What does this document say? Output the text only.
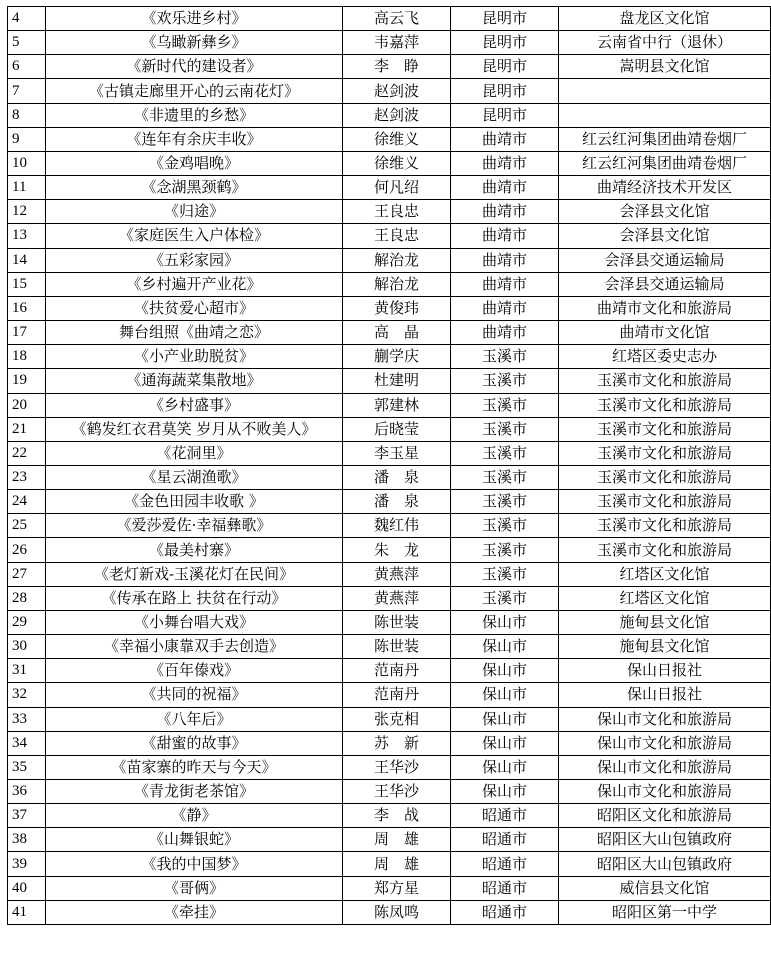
4	《欢乐进乡村》	高云飞	昆明市	盘龙区文化馆
5	《乌瞰新彝乡》	韦嘉萍	昆明市	云南省中行（退休）
6	《新时代的建设者》	李　睁	昆明市	嵩明县文化馆
7	《古镇走廊里开心的云南花灯》	赵剑波	昆明市	
8	《非遗里的乡愁》	赵剑波	昆明市	
9	《连年有余庆丰收》	徐维义	曲靖市	红云红河集团曲靖卷烟厂
10	《金鸡唱晚》	徐维义	曲靖市	红云红河集团曲靖卷烟厂
11	《念湖黑颈鹤》	何凡绍	曲靖市	曲靖经济技术开发区
12	《归途》	王良忠	曲靖市	会泽县文化馆
13	《家庭医生入户体检》	王良忠	曲靖市	会泽县文化馆
14	《五彩家园》	解治龙	曲靖市	会泽县交通运输局
15	《乡村遍开产业花》	解治龙	曲靖市	会泽县交通运输局
16	《扶贫爱心超市》	黄俊玮	曲靖市	曲靖市文化和旅游局
17	舞台组照《曲靖之恋》	高　晶	曲靖市	曲靖市文化馆
18	《小产业助脱贫》	蒯学庆	玉溪市	红塔区委史志办
19	《通海蔬菜集散地》	杜建明	玉溪市	玉溪市文化和旅游局
20	《乡村盛事》	郭建林	玉溪市	玉溪市文化和旅游局
21	《鹤发红衣君莫笑 岁月从不败美人》	后晓莹	玉溪市	玉溪市文化和旅游局
22	《花洞里》	李玉星	玉溪市	玉溪市文化和旅游局
23	《星云湖渔歌》	潘　泉	玉溪市	玉溪市文化和旅游局
24	《金色田园丰收歌 》	潘　泉	玉溪市	玉溪市文化和旅游局
25	《爱莎爱佐·幸福彝歌》	魏红伟	玉溪市	玉溪市文化和旅游局
26	《最美村寨》	朱　龙	玉溪市	玉溪市文化和旅游局
27	《老灯新戏-玉溪花灯在民间》	黄燕萍	玉溪市	红塔区文化馆
28	《传承在路上 扶贫在行动》	黄燕萍	玉溪市	红塔区文化馆
29	《小舞台唱大戏》	陈世装	保山市	施甸县文化馆
30	《幸福小康靠双手去创造》	陈世装	保山市	施甸县文化馆
31	《百年傣戏》	范南丹	保山市	保山日报社
32	《共同的祝福》	范南丹	保山市	保山日报社
33	《八年后》	张克相	保山市	保山市文化和旅游局
34	《甜蜜的故事》	苏　新	保山市	保山市文化和旅游局
35	《苗家寨的昨天与今天》	王华沙	保山市	保山市文化和旅游局
36	《青龙街老茶馆》	王华沙	保山市	保山市文化和旅游局
37	《静》	李　战	昭通市	昭阳区文化和旅游局
38	《山舞银蛇》	周　雄	昭通市	昭阳区大山包镇政府
39	《我的中国梦》	周　雄	昭通市	昭阳区大山包镇政府
40	《哥俩》	郑方星	昭通市	威信县文化馆
41	《牵挂》	陈凤鸣	昭通市	昭阳区第一中学
